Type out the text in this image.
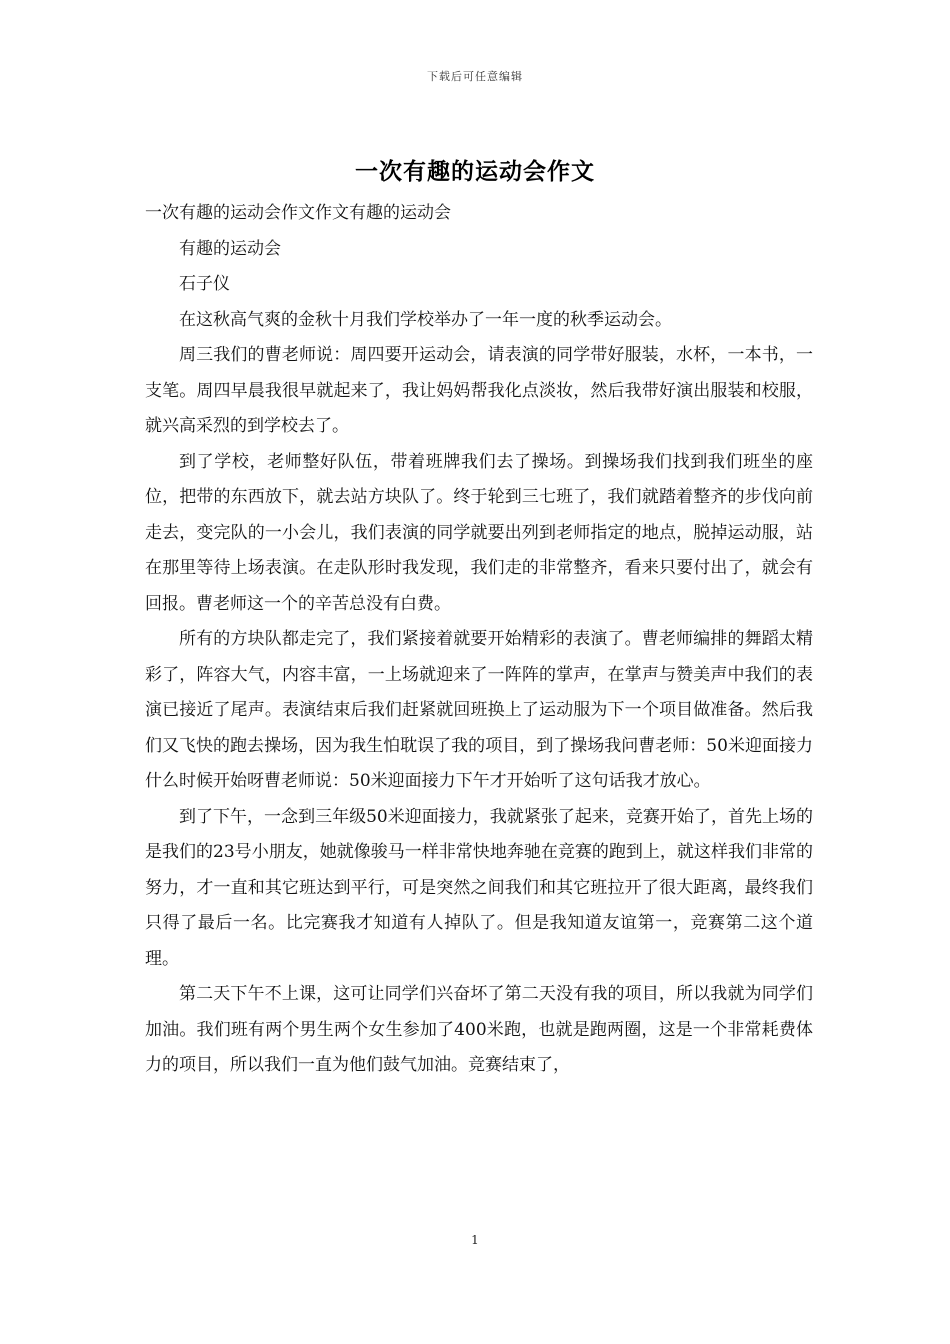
下载后可任意编辑
一次有趣的运动会作文

一次有趣的运动会作文作文有趣的运动会

有趣的运动会

石子仪

在这秋高气爽的金秋十月我们学校举办了一年一度的秋季运动会。

周三我们的曹老师说：周四要开运动会，请表演的同学带好服装，水杯，一本书，一支笔。周四早晨我很早就起来了，我让妈妈帮我化点淡妆，然后我带好演出服装和校服，就兴高采烈的到学校去了。

到了学校，老师整好队伍，带着班牌我们去了操场。到操场我们找到我们班坐的座位，把带的东西放下，就去站方块队了。终于轮到三七班了，我们就踏着整齐的步伐向前走去，变完队的一小会儿，我们表演的同学就要出列到老师指定的地点，脱掉运动服，站在那里等待上场表演。在走队形时我发现，我们走的非常整齐，看来只要付出了，就会有回报。曹老师这一个的辛苦总没有白费。

所有的方块队都走完了，我们紧接着就要开始精彩的表演了。曹老师编排的舞蹈太精彩了，阵容大气，内容丰富，一上场就迎来了一阵阵的掌声，在掌声与赞美声中我们的表演已接近了尾声。表演结束后我们赶紧就回班换上了运动服为下一个项目做准备。然后我们又飞快的跑去操场，因为我生怕耽误了我的项目，到了操场我问曹老师：50米迎面接力什么时候开始呀曹老师说：50米迎面接力下午才开始听了这句话我才放心。

到了下午，一念到三年级50米迎面接力，我就紧张了起来，竞赛开始了，首先上场的是我们的23号小朋友，她就像骏马一样非常快地奔驰在竞赛的跑到上，就这样我们非常的努力，才一直和其它班达到平行，可是突然之间我们和其它班拉开了很大距离，最终我们只得了最后一名。比完赛我才知道有人掉队了。但是我知道友谊第一，竞赛第二这个道理。

第二天下午不上课，这可让同学们兴奋坏了第二天没有我的项目，所以我就为同学们加油。我们班有两个男生两个女生参加了400米跑，也就是跑两圈，这是一个非常耗费体力的项目，所以我们一直为他们鼓气加油。竞赛结束了，

1
